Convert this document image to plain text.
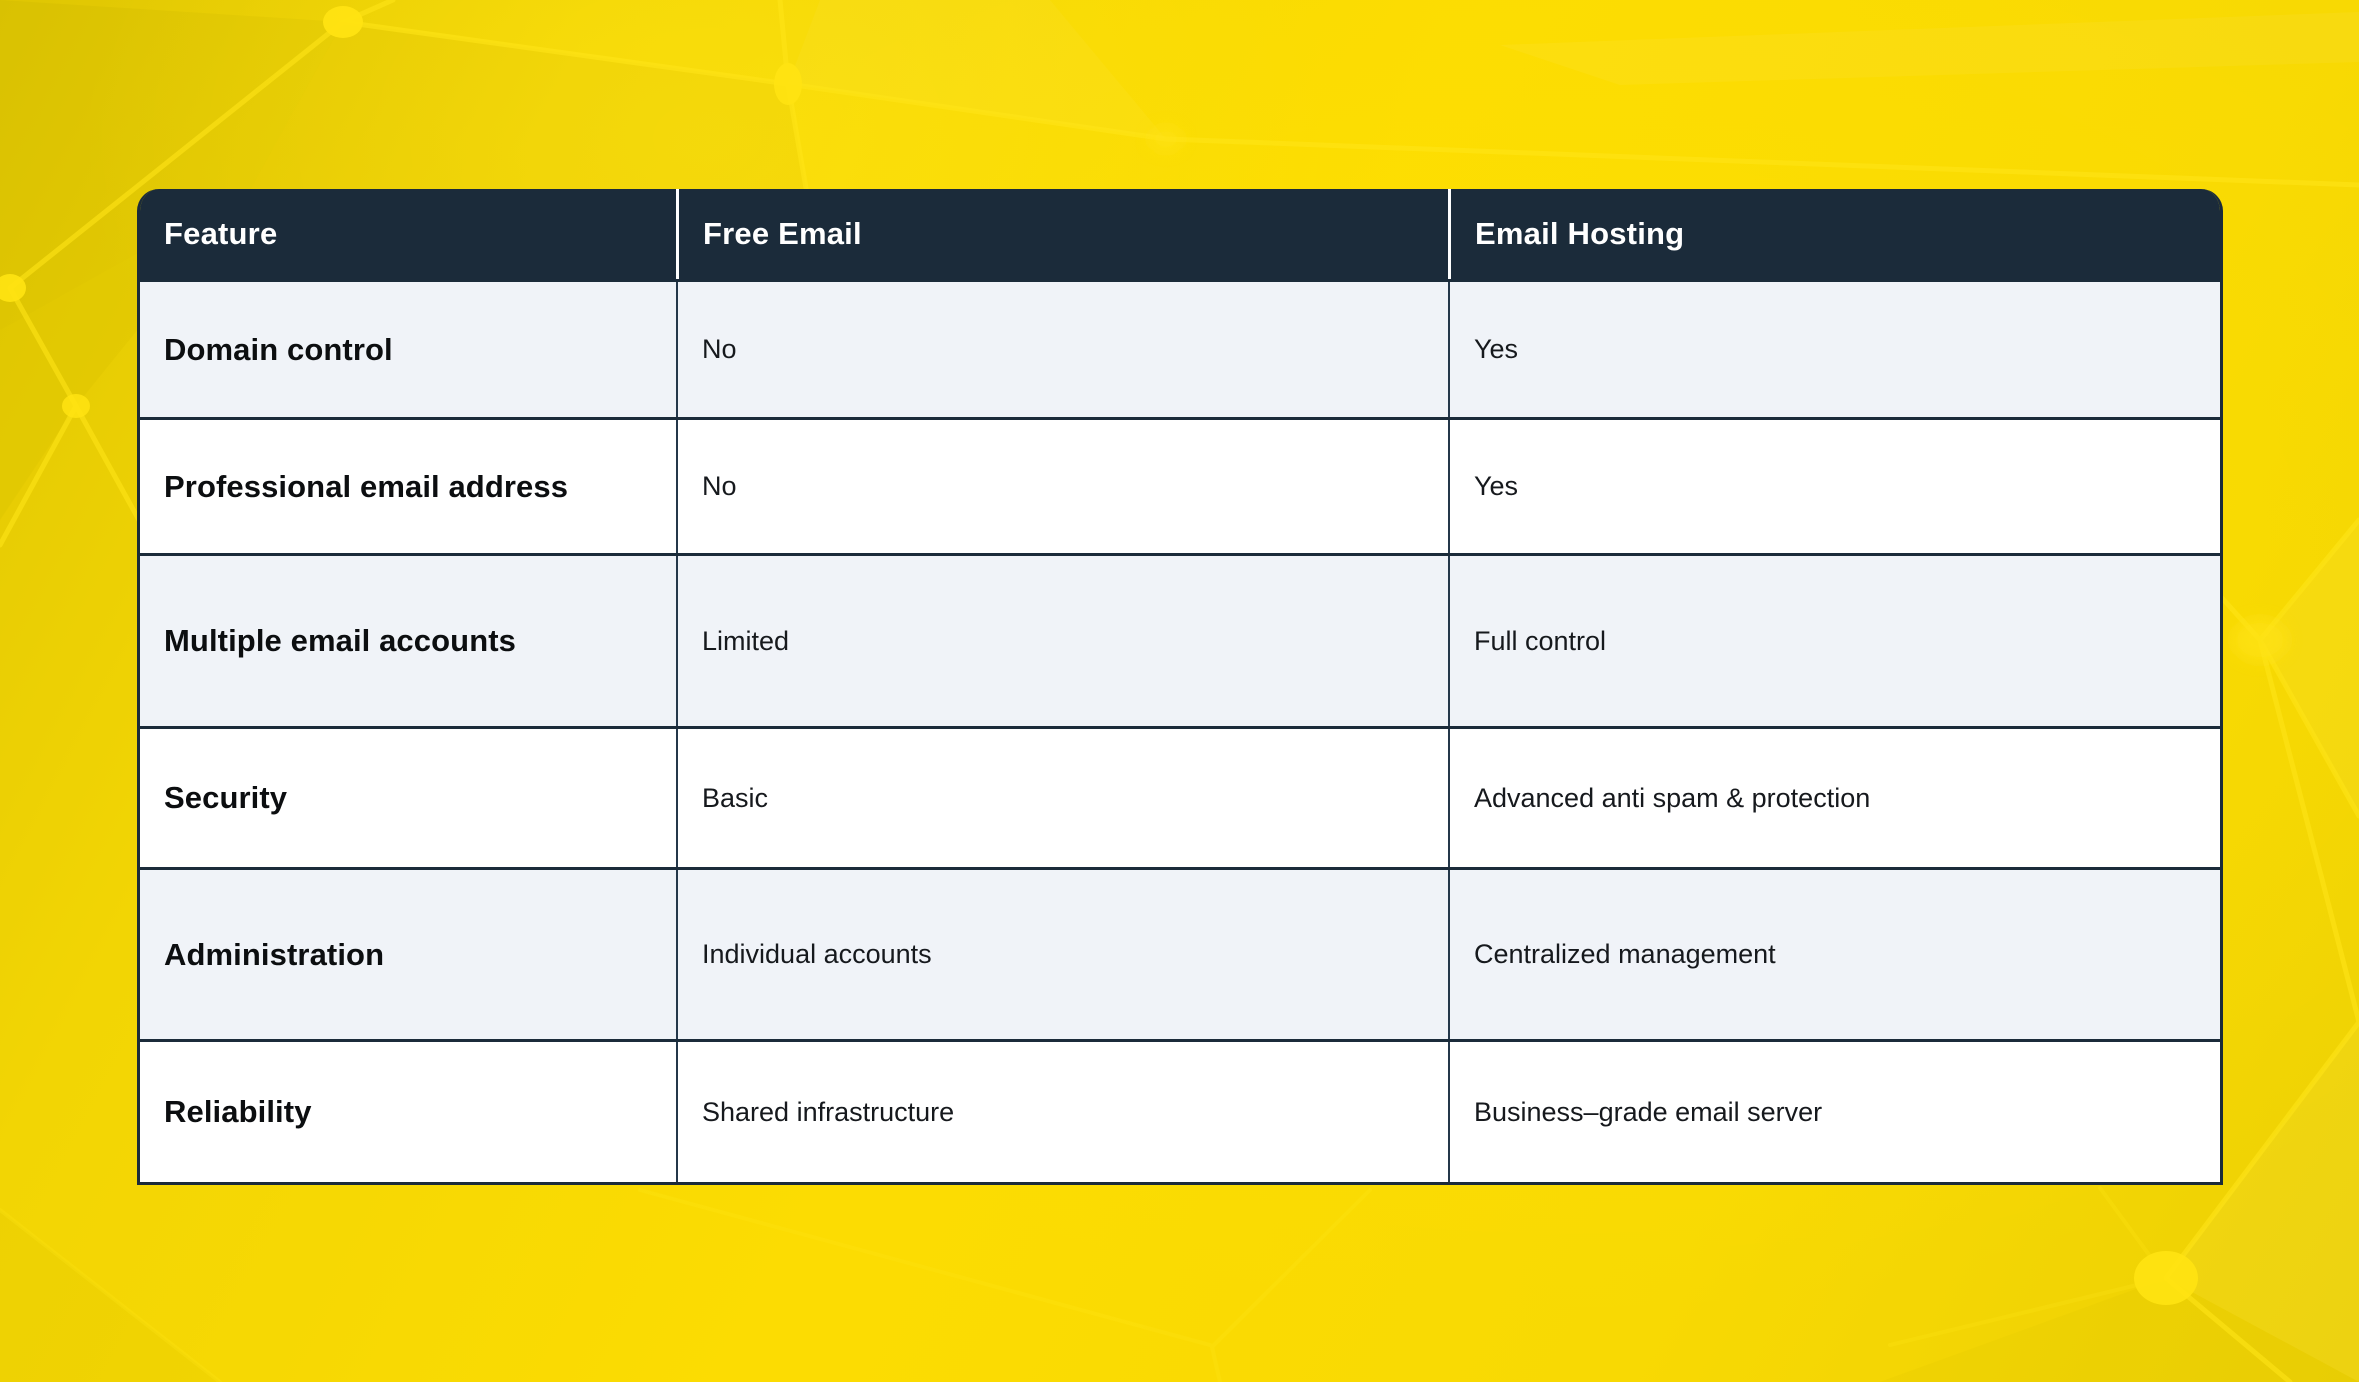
Feature	Free Email	Email Hosting
Domain control	No	Yes
Professional email address	No	Yes
Multiple email accounts	Limited	Full control
Security	Basic	Advanced anti spam & protection
Administration	Individual accounts	Centralized management
Reliability	Shared infrastructure	Business–grade email server
